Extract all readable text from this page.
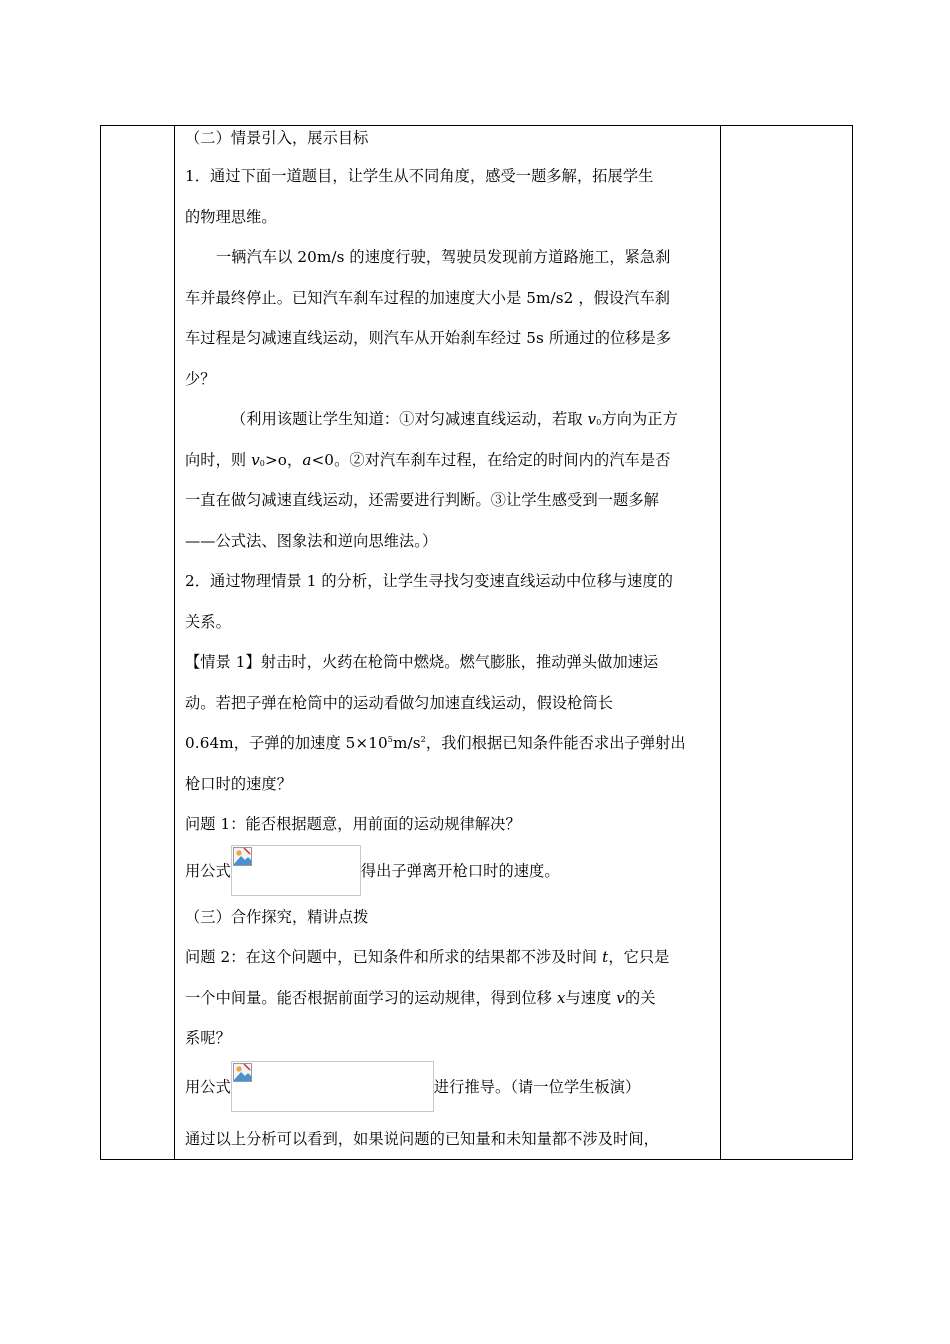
（二）情景引入，展示目标

1．通过下面一道题目，让学生从不同角度，感受一题多解，拓展学生

的物理思维。

一辆汽车以 20m/s 的速度行驶，驾驶员发现前方道路施工，紧急刹

车并最终停止。已知汽车刹车过程的加速度大小是 5m/s2 ，假设汽车刹

车过程是匀减速直线运动，则汽车从开始刹车经过 5s 所通过的位移是多

少？

（利用该题让学生知道：①对匀减速直线运动，若取 $v_0$方向为正方

向时，则 $v_0>o$，a<0。②对汽车刹车过程，在给定的时间内的汽车是否

一直在做匀减速直线运动，还需要进行判断。③让学生感受到一题多解

——公式法、图象法和逆向思维法。）

2．通过物理情景 1 的分析，让学生寻找匀变速直线运动中位移与速度的

关系。

【情景 1】射击时，火药在枪筒中燃烧。燃气膨胀，推动弹头做加速运

动。若把子弹在枪筒中的运动看做匀加速直线运动，假设枪筒长

0.64m，子弹的加速度 $5\times 10^5m/s^2$，我们根据已知条件能否求出子弹射出

枪口时的速度？

问题 1：能否根据题意，用前面的运动规律解决？

用公式	得出子弹离开枪口时的速度。

（三）合作探究，精讲点拨

问题 2：在这个问题中，已知条件和所求的结果都不涉及时间 t，它只是

一个中间量。能否根据前面学习的运动规律，得到位移 x与速度 v的关

系呢？

用公式	进行推导。（请一位学生板演）

通过以上分析可以看到，如果说问题的已知量和未知量都不涉及时间，
